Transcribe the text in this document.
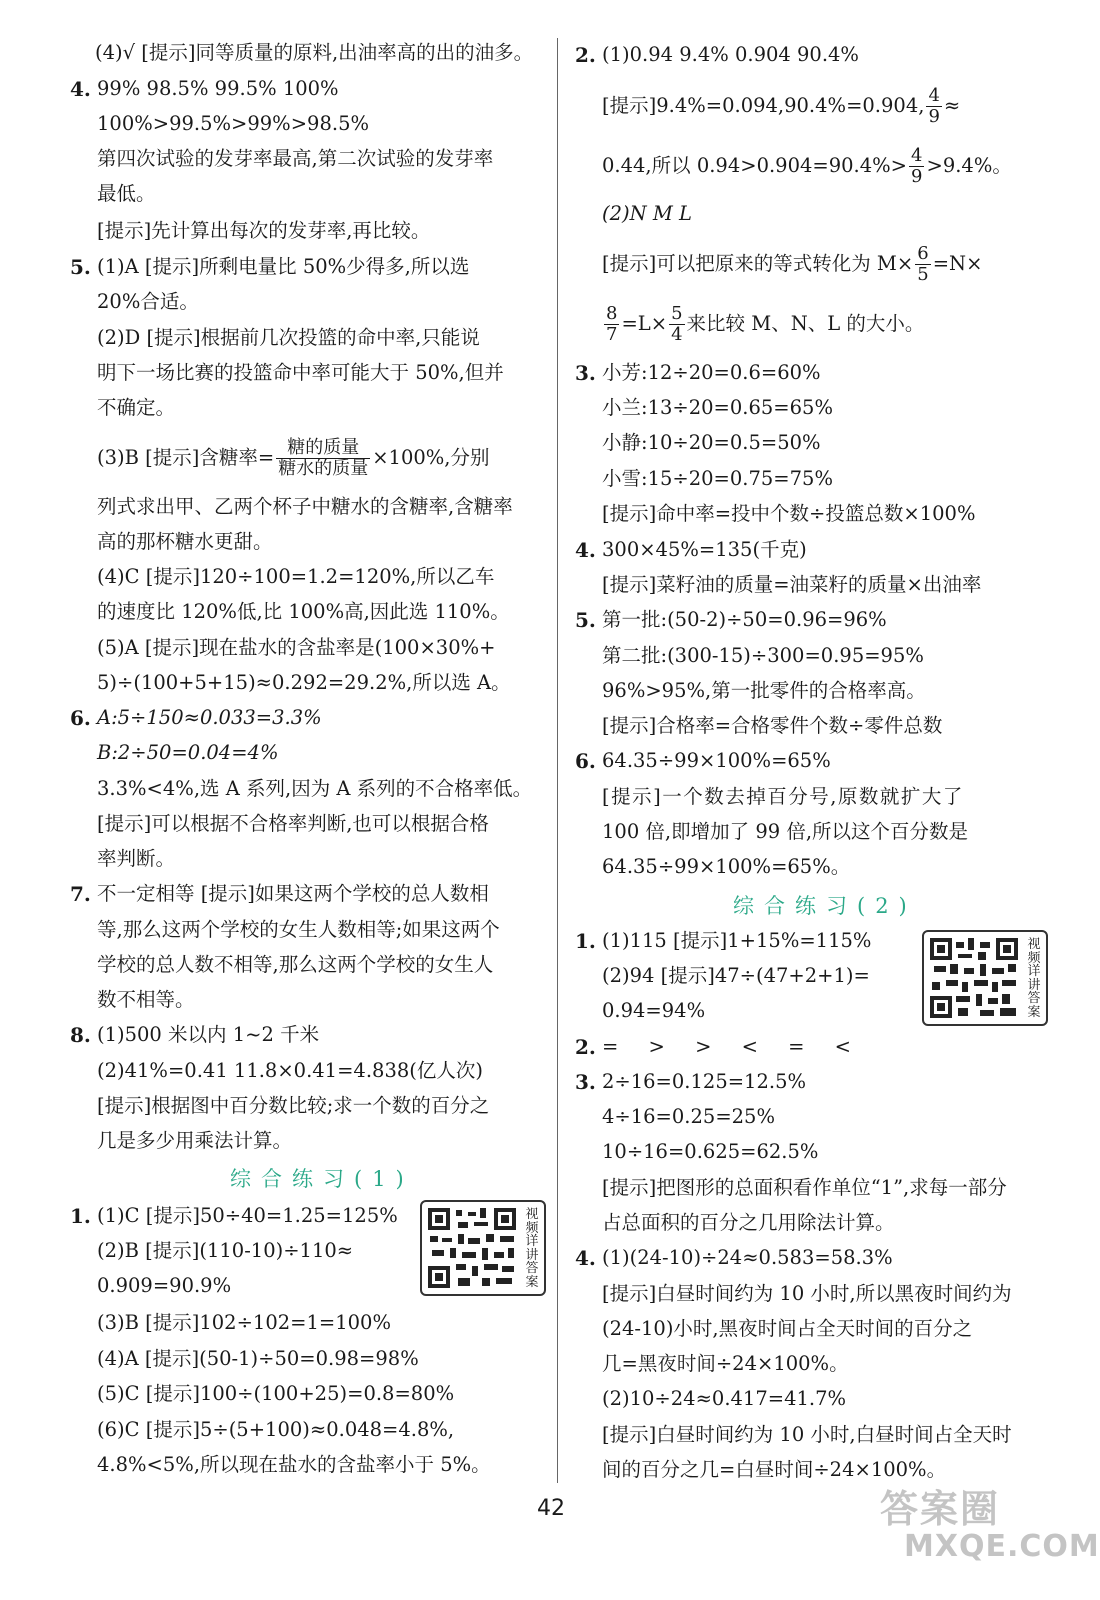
(4)√ [提示]同等质量的原料,出油率高的出的油多。
4. 99% 98.5% 99.5% 100%
100%>99.5%>99%>98.5%
第四次试验的发芽率最高,第二次试验的发芽率
最低。
[提示]先计算出每次的发芽率,再比较。
5. (1)A [提示]所剩电量比 50%少得多,所以选
20%合适。
(2)D [提示]根据前几次投篮的命中率,只能说
明下一场比赛的投篮命中率可能大于 50%,但并
不确定。
(3)B [提示]含糖率= $\frac{\text{糖的质量}}{\text{糖水的质量}} \times 100\%$,分别
列式求出甲、乙两个杯子中糖水的含糖率,含糖率
高的那杯糖水更甜。
(4)C [提示]120÷100=1.2=120%,所以乙车
的速度比 120%低,比 100%高,因此选 110%。
(5)A [提示]现在盐水的含盐率是(100×30%+
5)÷(100+5+15)≈0.292=29.2%,所以选 A。
6. A:5÷150≈0.033=3.3%
B:2÷50=0.04=4%
3.3%<4%,选 A 系列,因为 A 系列的不合格率低。
[提示]可以根据不合格率判断,也可以根据合格
率判断。
7. 不一定相等 [提示]如果这两个学校的总人数相
等,那么这两个学校的女生人数相等;如果这两个
学校的总人数不相等,那么这两个学校的女生人
数不相等。
8. (1)500 米以内 1~2 千米
(2)41%=0.41 11.8×0.41=4.838(亿人次)
[提示]根据图中百分数比较;求一个数的百分之
几是多少用乘法计算。
综合练习(1)
1. (1)C [提示]50÷40=1.25=125%
(2)B [提示](110-10)÷110≈
0.909=90.9%
(3)B [提示]102÷102=1=100%
(4)A [提示](50-1)÷50=0.98=98%
(5)C [提示]100÷(100+25)=0.8=80%
(6)C [提示]5÷(5+100)≈0.048=4.8%,
4.8%<5%,所以现在盐水的含盐率小于 5%。
视频详讲答案
2. (1)0.94 9.4% 0.904 90.4%
[提示]9.4%=0.094,90.4%=0.904, $\frac{4}{9}$ ≈
0.44,所以 $0.94>0.904=90.4\%> \frac{4}{9} >9.4\%$。
(2)N M L
[提示]可以把原来的等式转化为 $M\times \frac{6}{5} =N\times$
$\frac{8}{7} =L\times \frac{5}{4}$ 来比较 M、N、L 的大小。
3. 小芳:12÷20=0.6=60%
小兰:13÷20=0.65=65%
小静:10÷20=0.5=50%
小雪:15÷20=0.75=75%
[提示]命中率=投中个数÷投篮总数×100%
4. 300×45%=135(千克)
[提示]菜籽油的质量=油菜籽的质量×出油率
5. 第一批:(50-2)÷50=0.96=96%
第二批:(300-15)÷300=0.95=95%
96%>95%,第一批零件的合格率高。
[提示]合格率=合格零件个数÷零件总数
6. 64.35÷99×100%=65%
[提示]一个数去掉百分号,原数就扩大了
100 倍,即增加了 99 倍,所以这个百分数是
64.35÷99×100%=65%。
综合练习(2)
1. (1)115 [提示]1+15%=115%
(2)94 [提示]47÷(47+2+1)=
0.94=94%
2. = > > < = <
3. 2÷16=0.125=12.5%
4÷16=0.25=25%
10÷16=0.625=62.5%
[提示]把图形的总面积看作单位“1”,求每一部分
占总面积的百分之几用除法计算。
4. (1)(24-10)÷24≈0.583=58.3%
[提示]白昼时间约为 10 小时,所以黑夜时间约为
(24-10)小时,黑夜时间占全天时间的百分之
几=黑夜时间÷24×100%。
(2)10÷24≈0.417=41.7%
[提示]白昼时间约为 10 小时,白昼时间占全天时
间的百分之几=白昼时间÷24×100%。
视频详讲答案
42	答案圈
MXQE.COM
